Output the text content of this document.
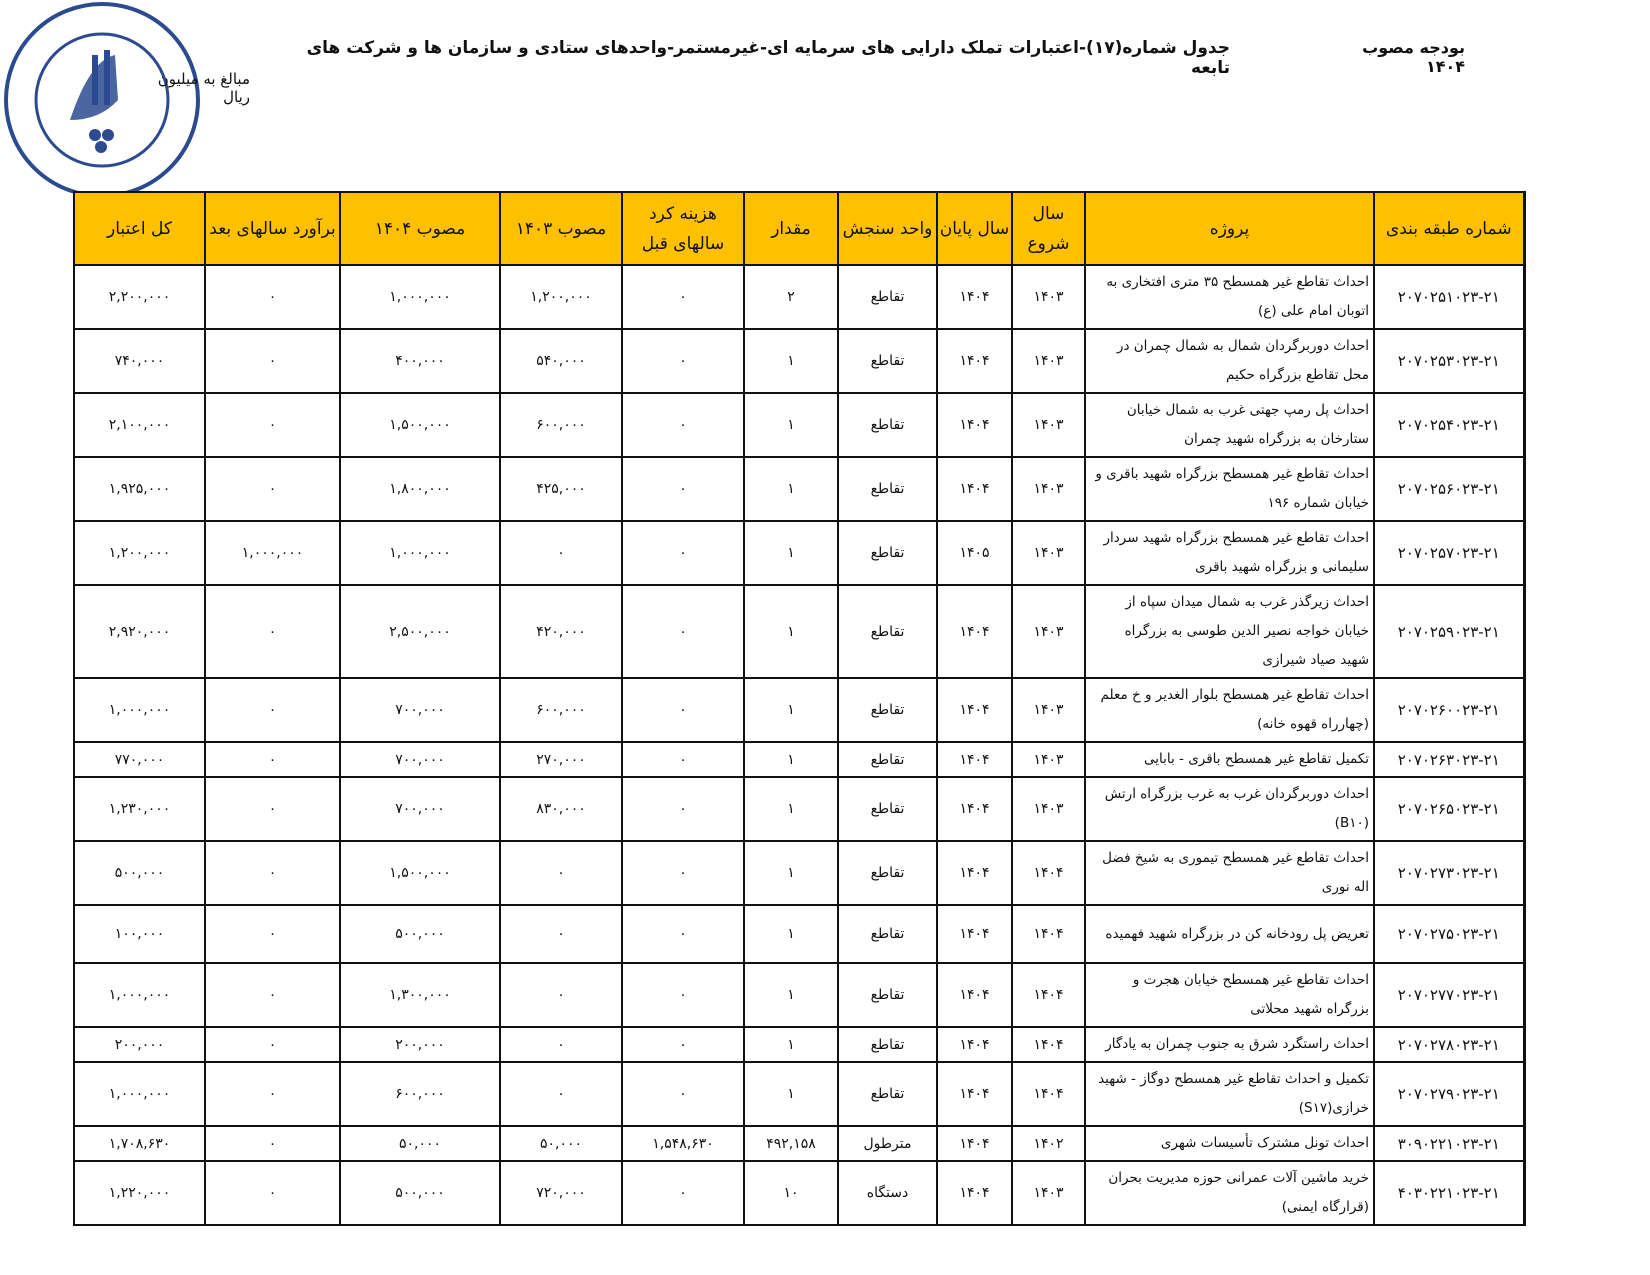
بودجه مصوب ۱۴۰۴
جدول شماره(۱۷)-اعتبارات تملک دارایی های سرمایه ای-غیرمستمر-واحدهای ستادی و سازمان ها و شرکت های تابعه
مبالغ به میلیون ریال
شماره طبقه بندی	پروژه	سال شروع	سال پایان	واحد سنجش	مقدار	هزینه کرد سالهای قبل	مصوب ۱۴۰۳	مصوب ۱۴۰۴	برآورد سالهای بعد	کل اعتبار
۲۰۷۰۲۵۱۰۲۳-۲۱	احداث تقاطع غیر همسطح ۳۵ متری افتخاری به اتوبان امام علی (ع)	۱۴۰۳	۱۴۰۴	تقاطع	۲	۰	۱,۲۰۰,۰۰۰	۱,۰۰۰,۰۰۰	۰	۲,۲۰۰,۰۰۰
۲۰۷۰۲۵۳۰۲۳-۲۱	احداث دوربرگردان شمال به شمال چمران در محل تقاطع بزرگراه حکیم	۱۴۰۳	۱۴۰۴	تقاطع	۱	۰	۵۴۰,۰۰۰	۴۰۰,۰۰۰	۰	۷۴۰,۰۰۰
۲۰۷۰۲۵۴۰۲۳-۲۱	احداث پل رمپ جهتی غرب به شمال خیابان ستارخان به بزرگراه شهید چمران	۱۴۰۳	۱۴۰۴	تقاطع	۱	۰	۶۰۰,۰۰۰	۱,۵۰۰,۰۰۰	۰	۲,۱۰۰,۰۰۰
۲۰۷۰۲۵۶۰۲۳-۲۱	احداث تقاطع غیر همسطح بزرگراه شهید باقری و خیابان شماره ۱۹۶	۱۴۰۳	۱۴۰۴	تقاطع	۱	۰	۴۲۵,۰۰۰	۱,۸۰۰,۰۰۰	۰	۱,۹۲۵,۰۰۰
۲۰۷۰۲۵۷۰۲۳-۲۱	احداث تقاطع غیر همسطح بزرگراه شهید سردار سلیمانی و بزرگراه شهید باقری	۱۴۰۳	۱۴۰۵	تقاطع	۱	۰	۰	۱,۰۰۰,۰۰۰	۱,۰۰۰,۰۰۰	۱,۲۰۰,۰۰۰
۲۰۷۰۲۵۹۰۲۳-۲۱	احداث زیرگذر غرب به شمال میدان سپاه از خیابان خواجه نصیر الدین طوسی به بزرگراه شهید صیاد شیرازی	۱۴۰۳	۱۴۰۴	تقاطع	۱	۰	۴۲۰,۰۰۰	۲,۵۰۰,۰۰۰	۰	۲,۹۲۰,۰۰۰
۲۰۷۰۲۶۰۰۲۳-۲۱	احداث تقاطع غیر همسطح بلوار الغدیر و خ معلم (چهارراه قهوه خانه)	۱۴۰۳	۱۴۰۴	تقاطع	۱	۰	۶۰۰,۰۰۰	۷۰۰,۰۰۰	۰	۱,۰۰۰,۰۰۰
۲۰۷۰۲۶۳۰۲۳-۲۱	تکمیل تقاطع غیر همسطح باقری - بابایی	۱۴۰۳	۱۴۰۴	تقاطع	۱	۰	۲۷۰,۰۰۰	۷۰۰,۰۰۰	۰	۷۷۰,۰۰۰
۲۰۷۰۲۶۵۰۲۳-۲۱	احداث دوربرگردان غرب به غرب بزرگراه ارتش (B۱۰)	۱۴۰۳	۱۴۰۴	تقاطع	۱	۰	۸۳۰,۰۰۰	۷۰۰,۰۰۰	۰	۱,۲۳۰,۰۰۰
۲۰۷۰۲۷۳۰۲۳-۲۱	احداث تقاطع غیر همسطح تیموری به شیخ فضل اله نوری	۱۴۰۴	۱۴۰۴	تقاطع	۱	۰	۰	۱,۵۰۰,۰۰۰	۰	۵۰۰,۰۰۰
۲۰۷۰۲۷۵۰۲۳-۲۱	تعریض پل رودخانه کن در بزرگراه شهید فهمیده	۱۴۰۴	۱۴۰۴	تقاطع	۱	۰	۰	۵۰۰,۰۰۰	۰	۱۰۰,۰۰۰
۲۰۷۰۲۷۷۰۲۳-۲۱	احداث تقاطع غیر همسطح خیابان هجرت و بزرگراه شهید محلاتی	۱۴۰۴	۱۴۰۴	تقاطع	۱	۰	۰	۱,۳۰۰,۰۰۰	۰	۱,۰۰۰,۰۰۰
۲۰۷۰۲۷۸۰۲۳-۲۱	احداث راستگرد شرق به جنوب چمران به یادگار	۱۴۰۴	۱۴۰۴	تقاطع	۱	۰	۰	۲۰۰,۰۰۰	۰	۲۰۰,۰۰۰
۲۰۷۰۲۷۹۰۲۳-۲۱	تکمیل و احداث تقاطع غیر همسطح دوگاز - شهید خرازی(S۱۷)	۱۴۰۴	۱۴۰۴	تقاطع	۱	۰	۰	۶۰۰,۰۰۰	۰	۱,۰۰۰,۰۰۰
۳۰۹۰۲۲۱۰۲۳-۲۱	احداث تونل مشترک تأسیسات شهری	۱۴۰۲	۱۴۰۴	مترطول	۴۹۲,۱۵۸	۱,۵۴۸,۶۳۰	۵۰,۰۰۰	۵۰,۰۰۰	۰	۱,۷۰۸,۶۳۰
۴۰۳۰۲۲۱۰۲۳-۲۱	خرید ماشین آلات عمرانی حوزه مدیریت بحران (قرارگاه ایمنی)	۱۴۰۳	۱۴۰۴	دستگاه	۱۰	۰	۷۲۰,۰۰۰	۵۰۰,۰۰۰	۰	۱,۲۲۰,۰۰۰
